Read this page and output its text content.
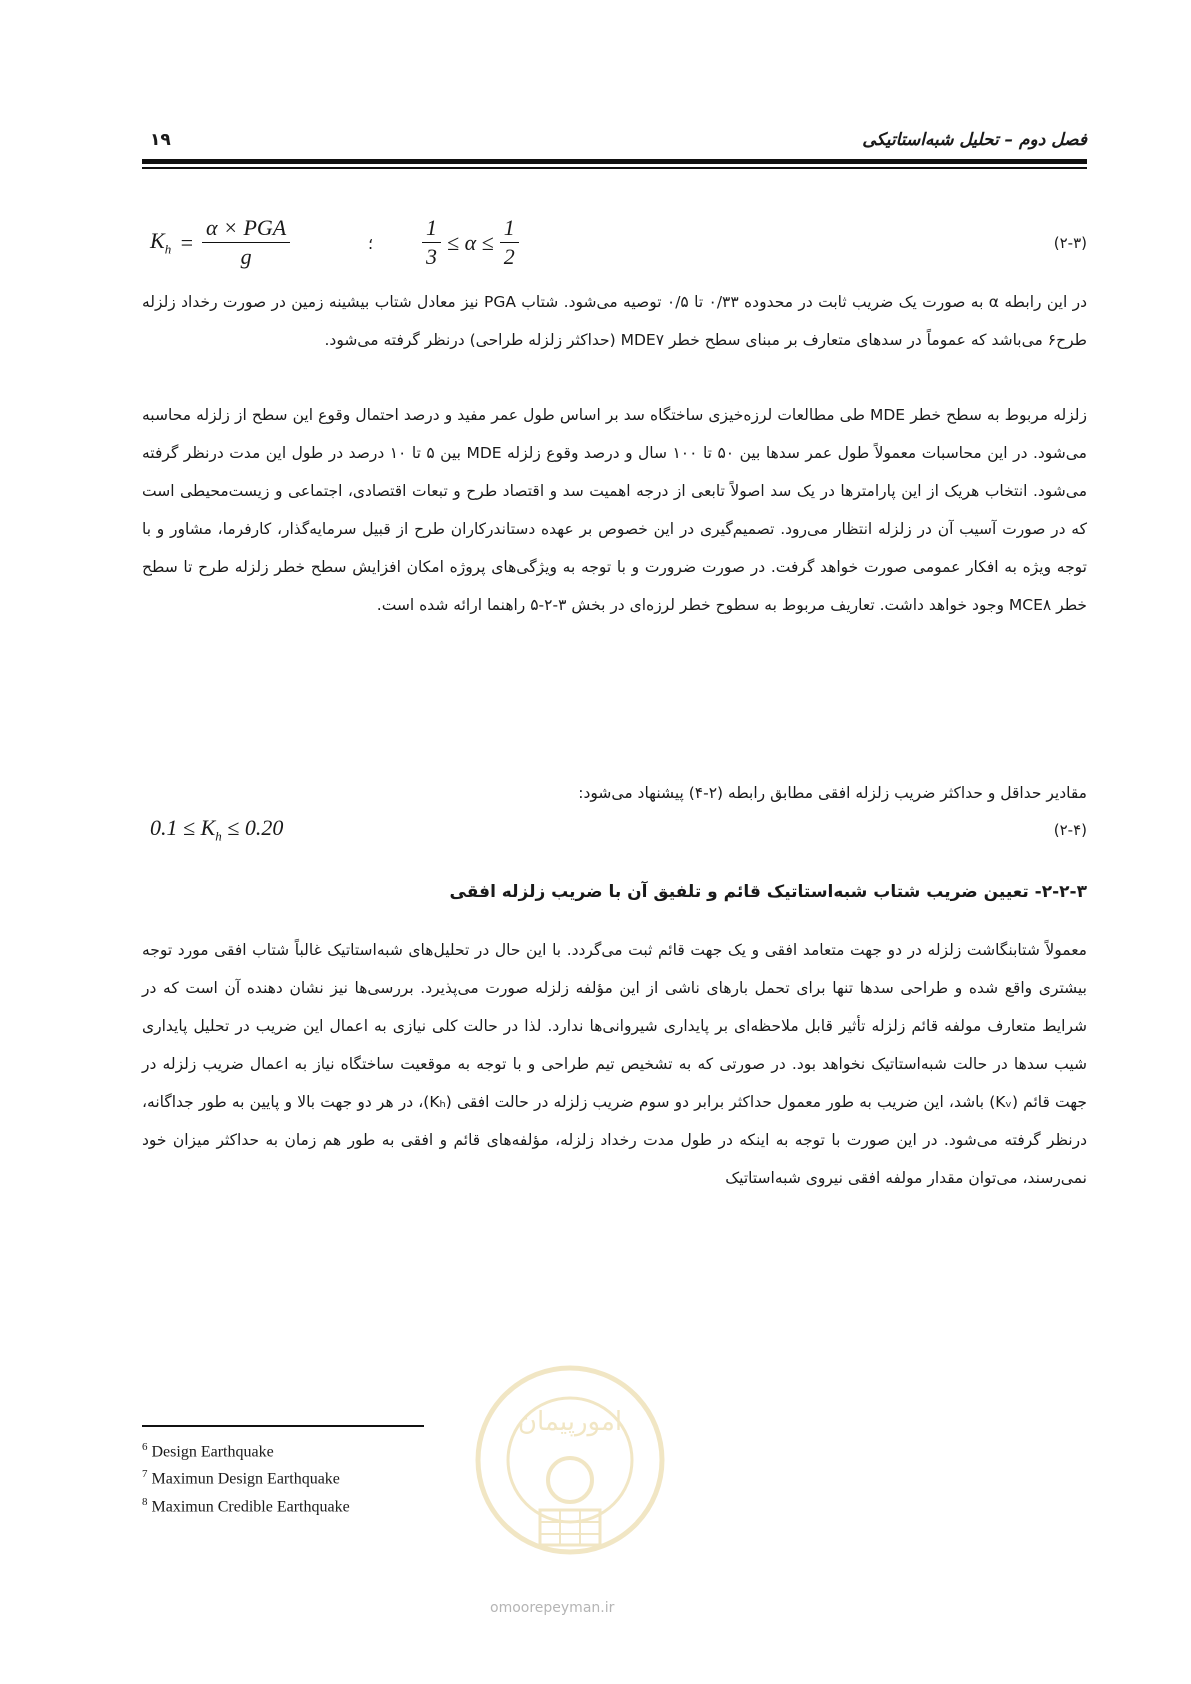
فصل دوم – تحلیل شبه‌استاتیکی
۱۹
$K_h = \frac{\text{α × PGA}}{g}$	؛ $\frac{1}{3} \le \alpha \le \frac{1}{2}$	(۲-۳)

در این رابطه α به صورت یک ضریب ثابت در محدوده ۰/۳۳ تا ۰/۵ توصیه می‌شود. شتاب PGA نیز معادل شتاب بیشینه زمین در صورت رخداد زلزله طرح۶ می‌باشد که عموماً در سدهای متعارف بر مبنای سطح خطر MDE۷ (حداکثر زلزله طراحی) درنظر گرفته می‌شود.

زلزله مربوط به سطح خطر MDE طی مطالعات لرزه‌خیزی ساختگاه سد بر اساس طول عمر مفید و درصد احتمال وقوع این سطح از زلزله محاسبه می‌شود. در این محاسبات معمولاً طول عمر سدها بین ۵۰ تا ۱۰۰ سال و درصد وقوع زلزله MDE بین ۵ تا ۱۰ درصد در طول این مدت درنظر گرفته می‌شود. انتخاب هریک از این پارامترها در یک سد اصولاً تابعی از درجه اهمیت سد و اقتصاد طرح و تبعات اقتصادی، اجتماعی و زیست‌محیطی است که در صورت آسیب آن در زلزله انتظار می‌رود. تصمیم‌گیری در این خصوص بر عهده دستاندرکاران طرح از قبیل سرمایه‌گذار، کارفرما، مشاور و با توجه ویژه به افکار عمومی صورت خواهد گرفت. در صورت ضرورت و با توجه به ویژگی‌های پروژه امکان افزایش سطح خطر زلزله طرح تا سطح خطر MCE۸ وجود خواهد داشت. تعاریف مربوط به سطوح خطر لرزه‌ای در بخش ۳-۲-۵ راهنما ارائه شده است.

مقادیر حداقل و حداکثر ضریب زلزله افقی مطابق رابطه (۲-۴) پیشنهاد می‌شود:

$0.1 \le K_h \le 0.20$	(۲-۴)
۲-۲-۳- تعیین ضریب شتاب شبه‌استاتیک قائم و تلفیق آن با ضریب زلزله افقی

معمولاً شتابنگاشت زلزله در دو جهت متعامد افقی و یک جهت قائم ثبت می‌گردد. با این حال در تحلیل‌های شبه‌استاتیک غالباً شتاب افقی مورد توجه بیشتری واقع شده و طراحی سدها تنها برای تحمل بارهای ناشی از این مؤلفه زلزله صورت می‌پذیرد. بررسی‌ها نیز نشان دهنده آن است که در شرایط متعارف مولفه قائم زلزله تأثیر قابل ملاحظه‌ای بر پایداری شیروانی‌ها ندارد. لذا در حالت کلی نیازی به اعمال این ضریب در تحلیل پایداری شیب سدها در حالت شبه‌استاتیک نخواهد بود. در صورتی که به تشخیص تیم طراحی و با توجه به موقعیت ساختگاه نیاز به اعمال ضریب زلزله در جهت قائم (Kᵥ) باشد، این ضریب به طور معمول حداکثر برابر دو سوم ضریب زلزله در حالت افقی (Kₕ)، در هر دو جهت بالا و پایین به طور جداگانه، درنظر گرفته می‌شود. در این صورت با توجه به اینکه در طول مدت رخداد زلزله، مؤلفه‌های قائم و افقی به طور هم زمان به حداکثر میزان خود نمی‌رسند، می‌توان مقدار مولفه افقی نیروی شبه‌استاتیک

امورپیمان
omoorepeyman.ir
$^6$ Design Earthquake
$^7$ Maximun Design Earthquake
$^8$ Maximun Credible Earthquake
